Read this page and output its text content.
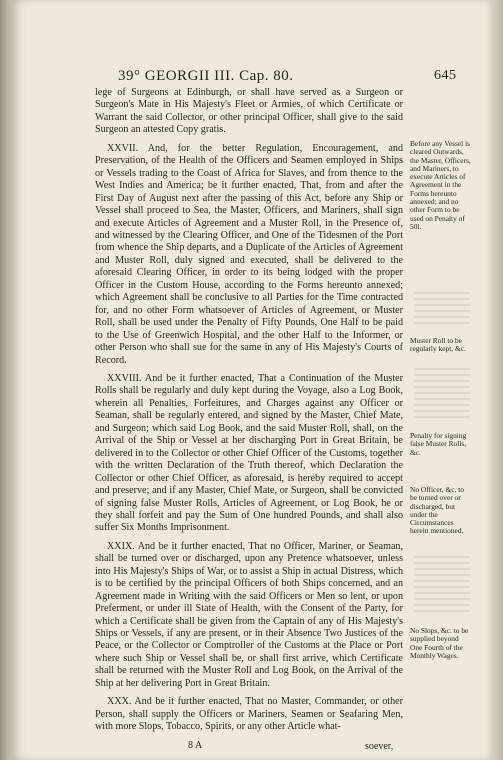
39° GEORGII III. Cap. 80.	645

lege of Surgeons at Edinburgh, or shall have served as a Surgeon or Surgeon's Mate in His Majesty's Fleet or Armies, of which Certificate or Warrant the said Collector, or other principal Officer, shall give to the said Surgeon an attested Copy gratis.

XXVII. And, for the better Regulation, Encouragement, and Preservation, of the Health of the Officers and Seamen employed in Ships or Vessels trading to the Coast of Africa for Slaves, and from thence to the West Indies and America; be it further enacted, That, from and after the First Day of August next after the passing of this Act, before any Ship or Vessel shall proceed to Sea, the Master, Officers, and Mariners, shall sign and execute Articles of Agreement and a Muster Roll, in the Presence of, and witnessed by the Clearing Officer, and One of the Tidesmen of the Port from whence the Ship departs, and a Duplicate of the Articles of Agreement and Muster Roll, duly signed and executed, shall be delivered to the aforesaid Clearing Officer, in order to its being lodged with the proper Officer in the Custom House, according to the Forms hereunto annexed; which Agreement shall be conclusive to all Parties for the Time contracted for, and no other Form whatsoever of Articles of Agreement, or Muster Roll, shall be used under the Penalty of Fifty Pounds, One Half to be paid to the Use of Greenwich Hospital, and the other Half to the Informer, or other Person who shall sue for the same in any of His Majesty's Courts of Record.

XXVIII. And be it further enacted, That a Continuation of the Muster Rolls shall be regularly and duly kept during the Voyage, also a Log Book, wherein all Penalties, Forfeitures, and Charges against any Officer or Seaman, shall be regularly entered, and signed by the Master, Chief Mate, and Surgeon; which said Log Book, and the said Muster Roll, shall, on the Arrival of the Ship or Vessel at her discharging Port in Great Britain, be delivered in to the Collector or other Chief Officer of the Customs, together with the written Declaration of the Truth thereof, which Declaration the Collector or other Chief Officer, as aforesaid, is hereby required to accept and preserve; and if any Master, Chief Mate, or Surgeon, shall be convicted of signing false Muster Rolls, Articles of Agreement, or Log Book, he or they shall forfeit and pay the Sum of One hundred Pounds, and shall also suffer Six Months Imprisonment.

XXIX. And be it further enacted, That no Officer, Mariner, or Seaman, shall be turned over or discharged, upon any Pretence whatsoever, unless into His Majesty's Ships of War, or to assist a Ship in actual Distress, which is to be certified by the principal Officers of both Ships concerned, and an Agreement made in Writing with the said Officers or Men so lent, or upon Preferment, or under ill State of Health, with the Consent of the Party, for which a Certificate shall be given from the Captain of any of His Majesty's Ships or Vessels, if any are present, or in their Absence Two Justices of the Peace, or the Collector or Comptroller of the Customs at the Place or Port where such Ship or Vessel shall be, or shall first arrive, which Certificate shall be returned with the Muster Roll and Log Book, on the Arrival of the Ship at her delivering Port in Great Britain.

XXX. And be it further enacted, That no Master, Commander, or other Person, shall supply the Officers or Mariners, Seamen or Seafaring Men, with more Slops, Tobacco, Spirits, or any other Article what-

Before any Vessel is cleared Outwards, the Master, Officers, and Mariners, to execute Articles of Agreement in the Forms hereunto annexed; and no other Form to be used on Penalty of 50l.
Muster Roll to be regularly kept, &c.
Penalty for signing false Muster Rolls, &c.
No Officer, &c. to be turned over or discharged, but under the Circumstances herein mentioned.
No Slops, &c. to be supplied beyond One Fourth of the Monthly Wages.
8 A	soever,
